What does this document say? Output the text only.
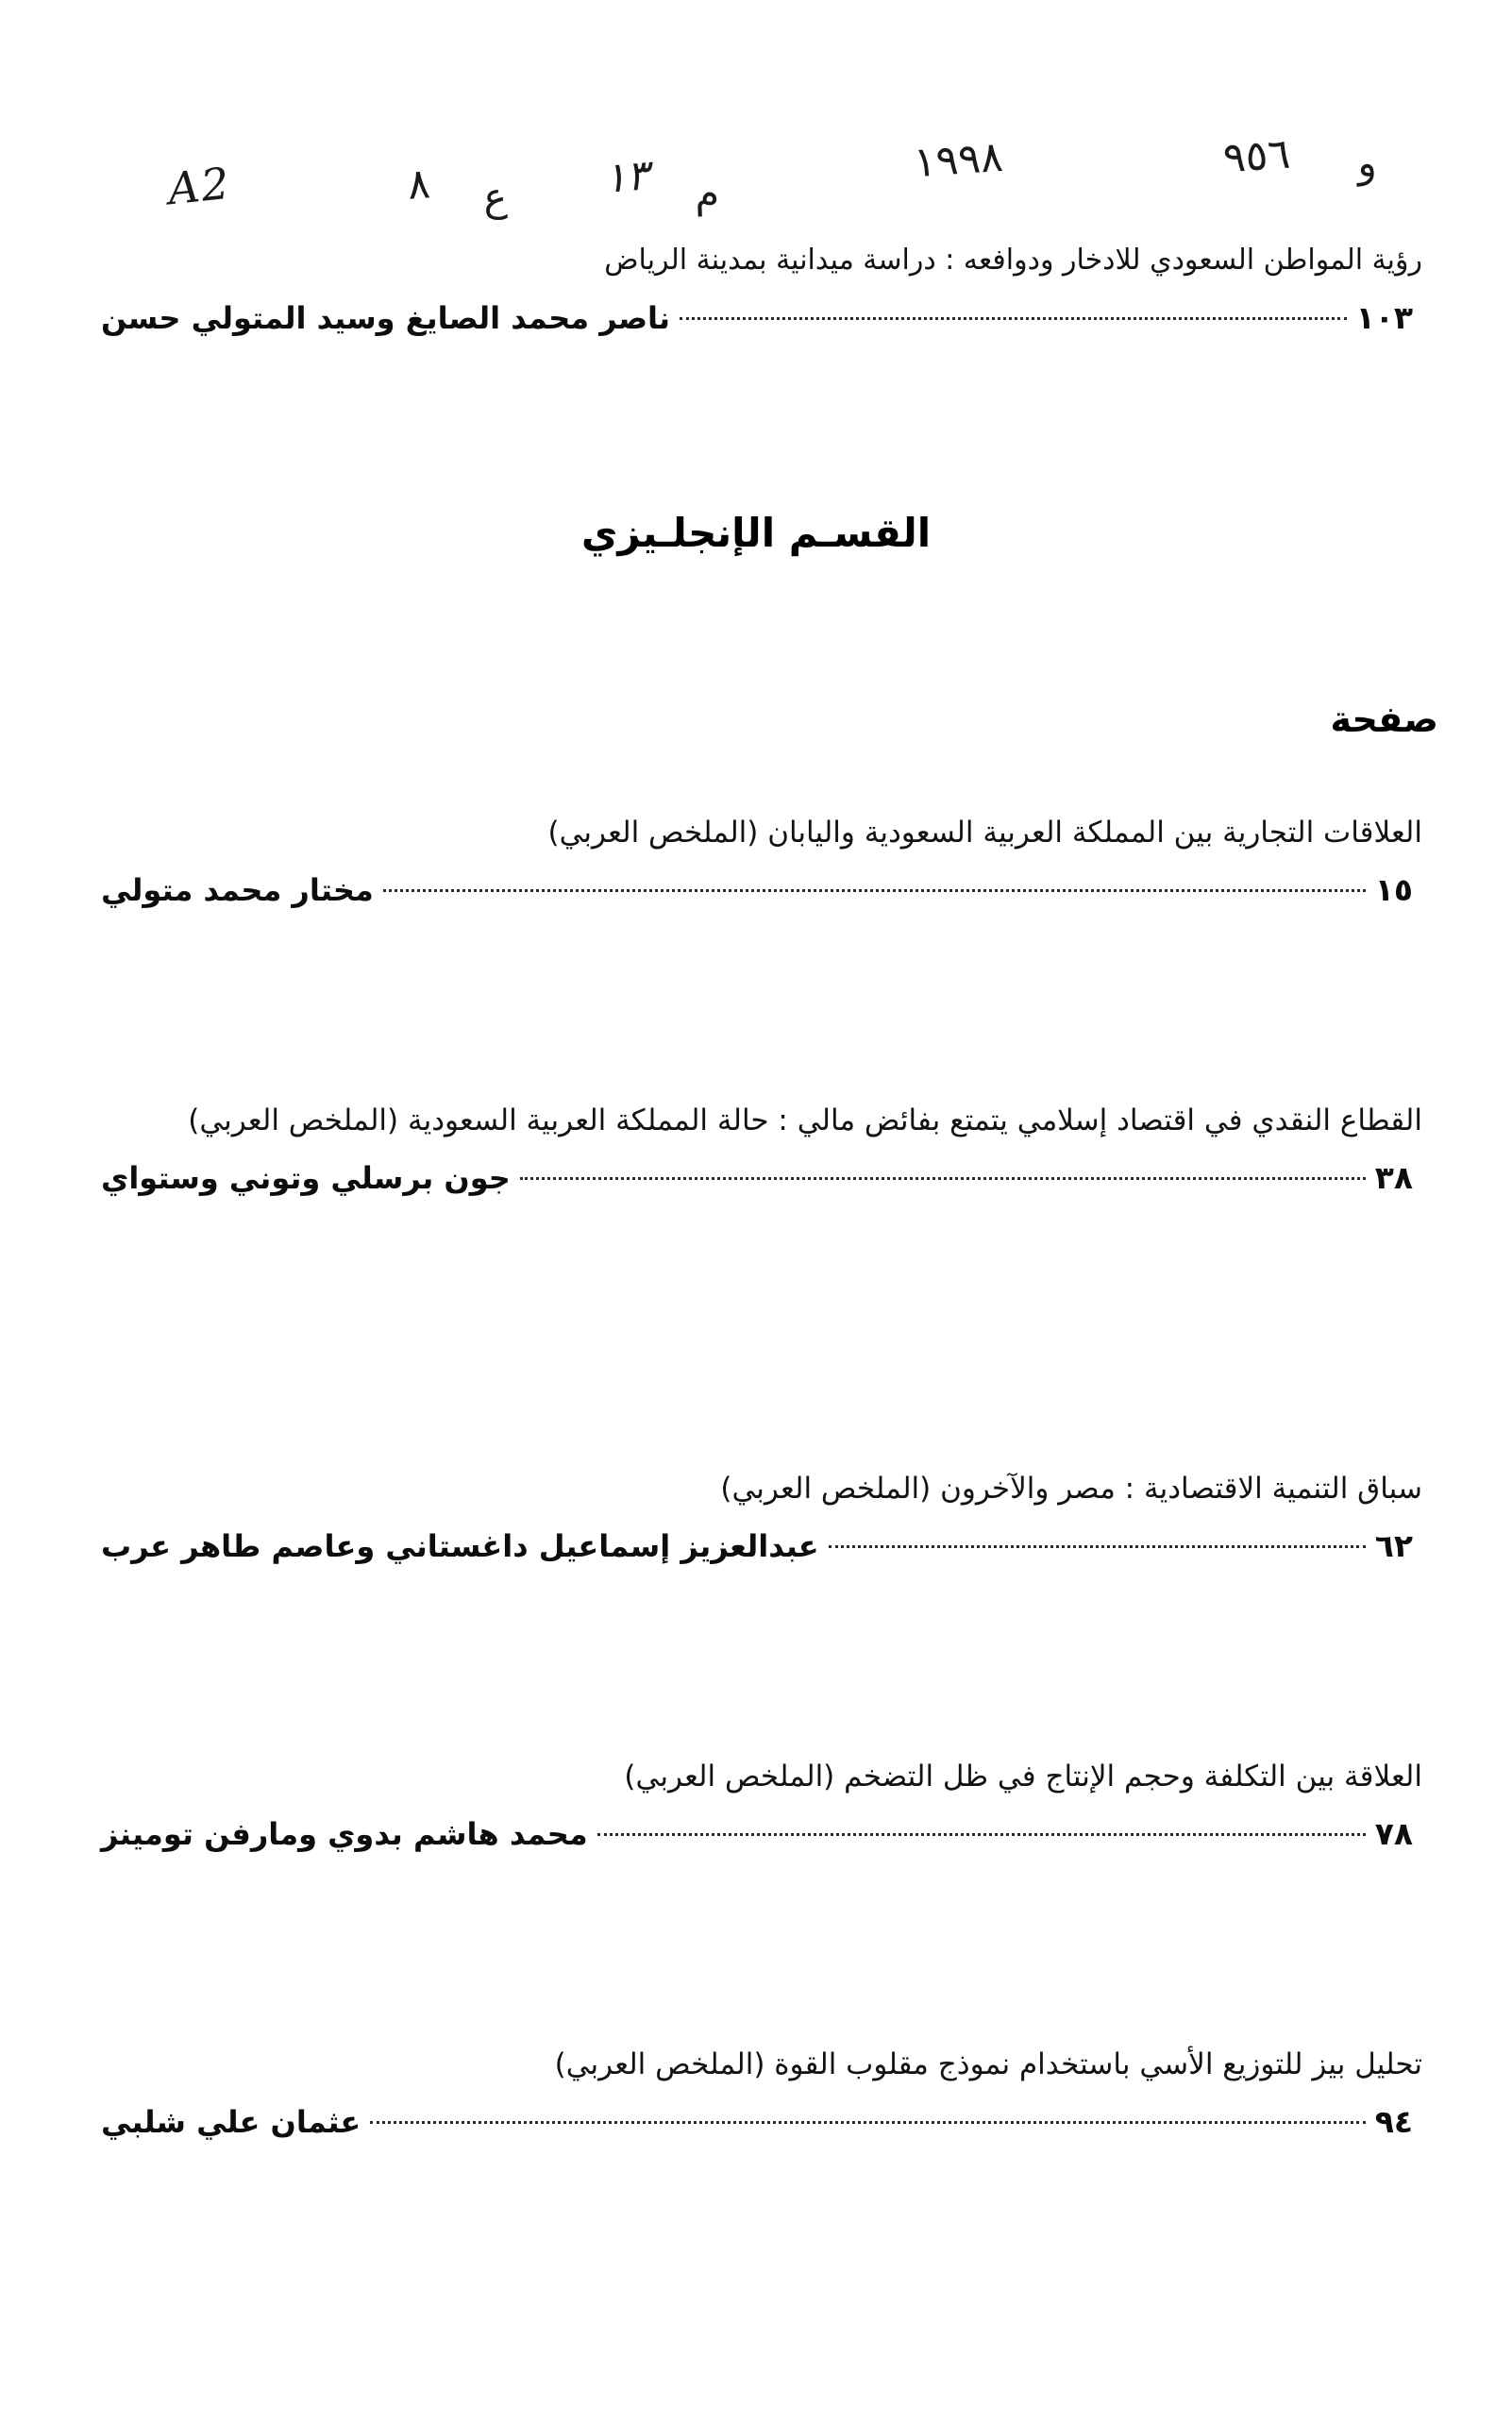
A2	٨ ع ١٣ م
١٩٩٨	٩٥٦ و
رؤية المواطن السعودي للادخار ودوافعه : دراسة ميدانية بمدينة الرياض
ناصر محمد الصايغ وسيد المتولي حسن	١٠٣
القسـم الإنجلـيزي
صفحة
العلاقات التجارية بين المملكة العربية السعودية واليابان (الملخص العربي)
مختار محمد متولي	١٥
القطاع النقدي في اقتصاد إسلامي يتمتع بفائض مالي : حالة المملكة العربية السعودية (الملخص العربي)
جون برسلي وتوني وستواي	٣٨
سباق التنمية الاقتصادية : مصر والآخرون (الملخص العربي)
عبدالعزيز إسماعيل داغستاني وعاصم طاهر عرب	٦٢
العلاقة بين التكلفة وحجم الإنتاج في ظل التضخم (الملخص العربي)
محمد هاشم بدوي ومارفن تومينز	٧٨
تحليل بيز للتوزيع الأسي باستخدام نموذج مقلوب القوة (الملخص العربي)
عثمان علي شلبي	٩٤
